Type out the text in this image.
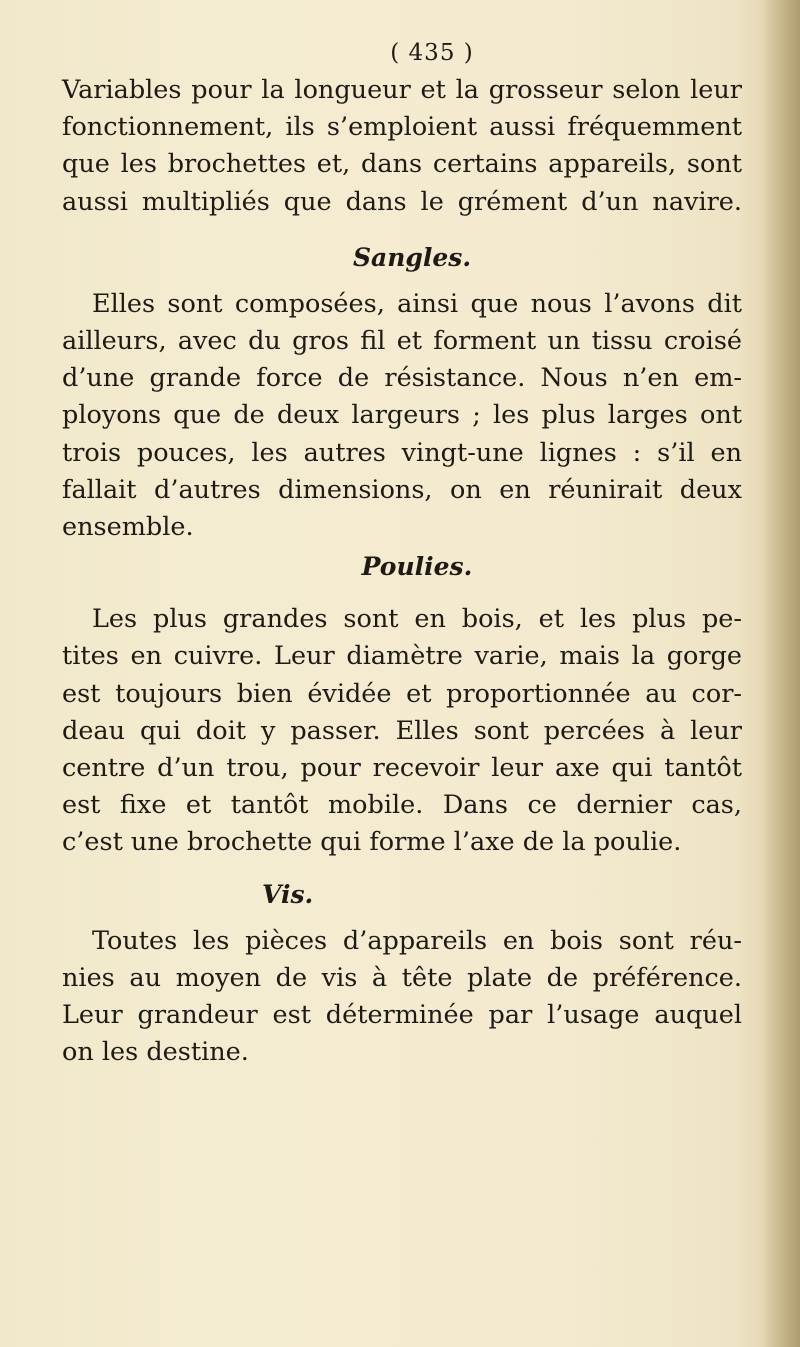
( 435 )

Variables pour la longueur et la grosseur selon leur

fonctionnement, ils s’emploient aussi fréquemment

que les brochettes et, dans certains appareils, sont

aussi multipliés que dans le grément d’un navire.

Sangles.

Elles sont composées, ainsi que nous l’avons dit

ailleurs, avec du gros fil et forment un tissu croisé

d’une grande force de résistance. Nous n’en em-

ployons que de deux largeurs ; les plus larges ont

trois pouces, les autres vingt-une lignes : s’il en

fallait d’autres dimensions, on en réunirait deux

ensemble.

Poulies.

Les plus grandes sont en bois, et les plus pe-

tites en cuivre. Leur diamètre varie, mais la gorge

est toujours bien évidée et proportionnée au cor-

deau qui doit y passer. Elles sont percées à leur

centre d’un trou, pour recevoir leur axe qui tantôt

est fixe et tantôt mobile. Dans ce dernier cas,

c’est une brochette qui forme l’axe de la poulie.

Vis.

Toutes les pièces d’appareils en bois sont réu-

nies au moyen de vis à tête plate de préférence.

Leur grandeur est déterminée par l’usage auquel

on les destine.
